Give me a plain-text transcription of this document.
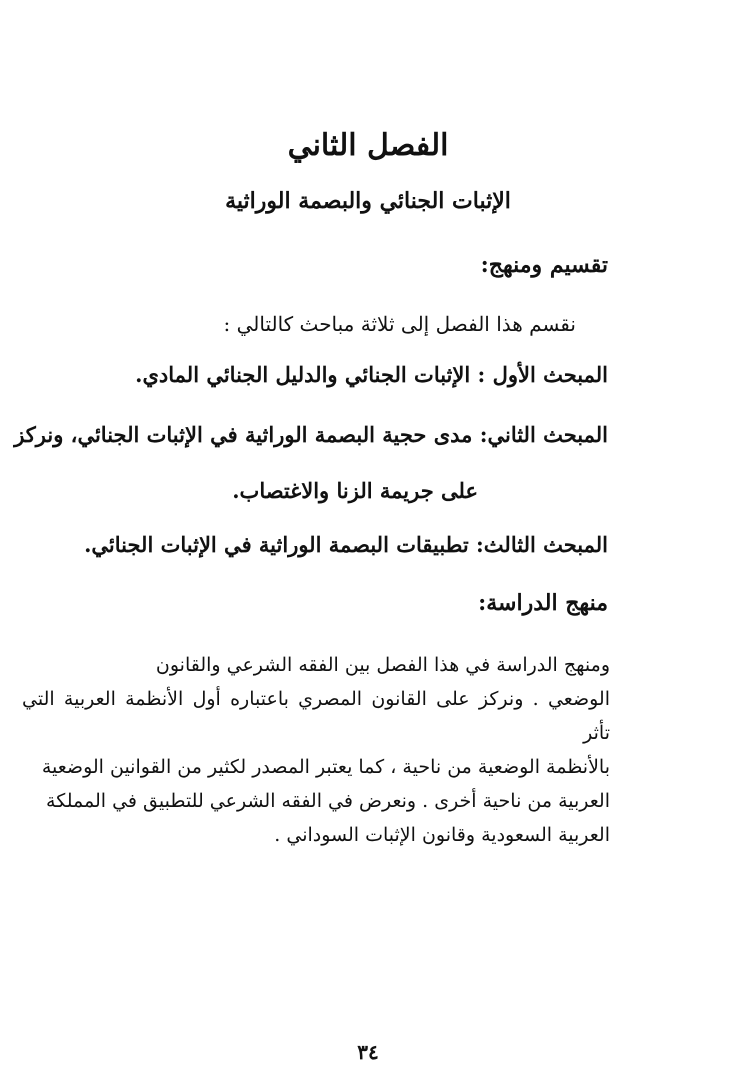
الفصل الثاني
الإثبات الجنائي والبصمة الوراثية
تقسيم ومنهج:
نقسم هذا الفصل إلى ثلاثة مباحث كالتالي :
المبحث الأول : الإثبات الجنائي والدليل الجنائي المادي.
المبحث الثاني: مدى حجية البصمة الوراثية في الإثبات الجنائي، ونركز
على جريمة الزنا والاغتصاب.
المبحث الثالث: تطبيقات البصمة الوراثية في الإثبات الجنائي.
منهج الدراسة:

ومنهج الدراسة في هذا الفصل بين الفقه الشرعي والقانون

الوضعي . ونركز على القانون المصري باعتباره أول الأنظمة العربية التي تأثر

بالأنظمة الوضعية من ناحية ، كما يعتبر المصدر لكثير من القوانين الوضعية

العربية من ناحية أخرى . ونعرض في الفقه الشرعي للتطبيق في المملكة

العربية السعودية وقانون الإثبات السوداني .

٣٤
